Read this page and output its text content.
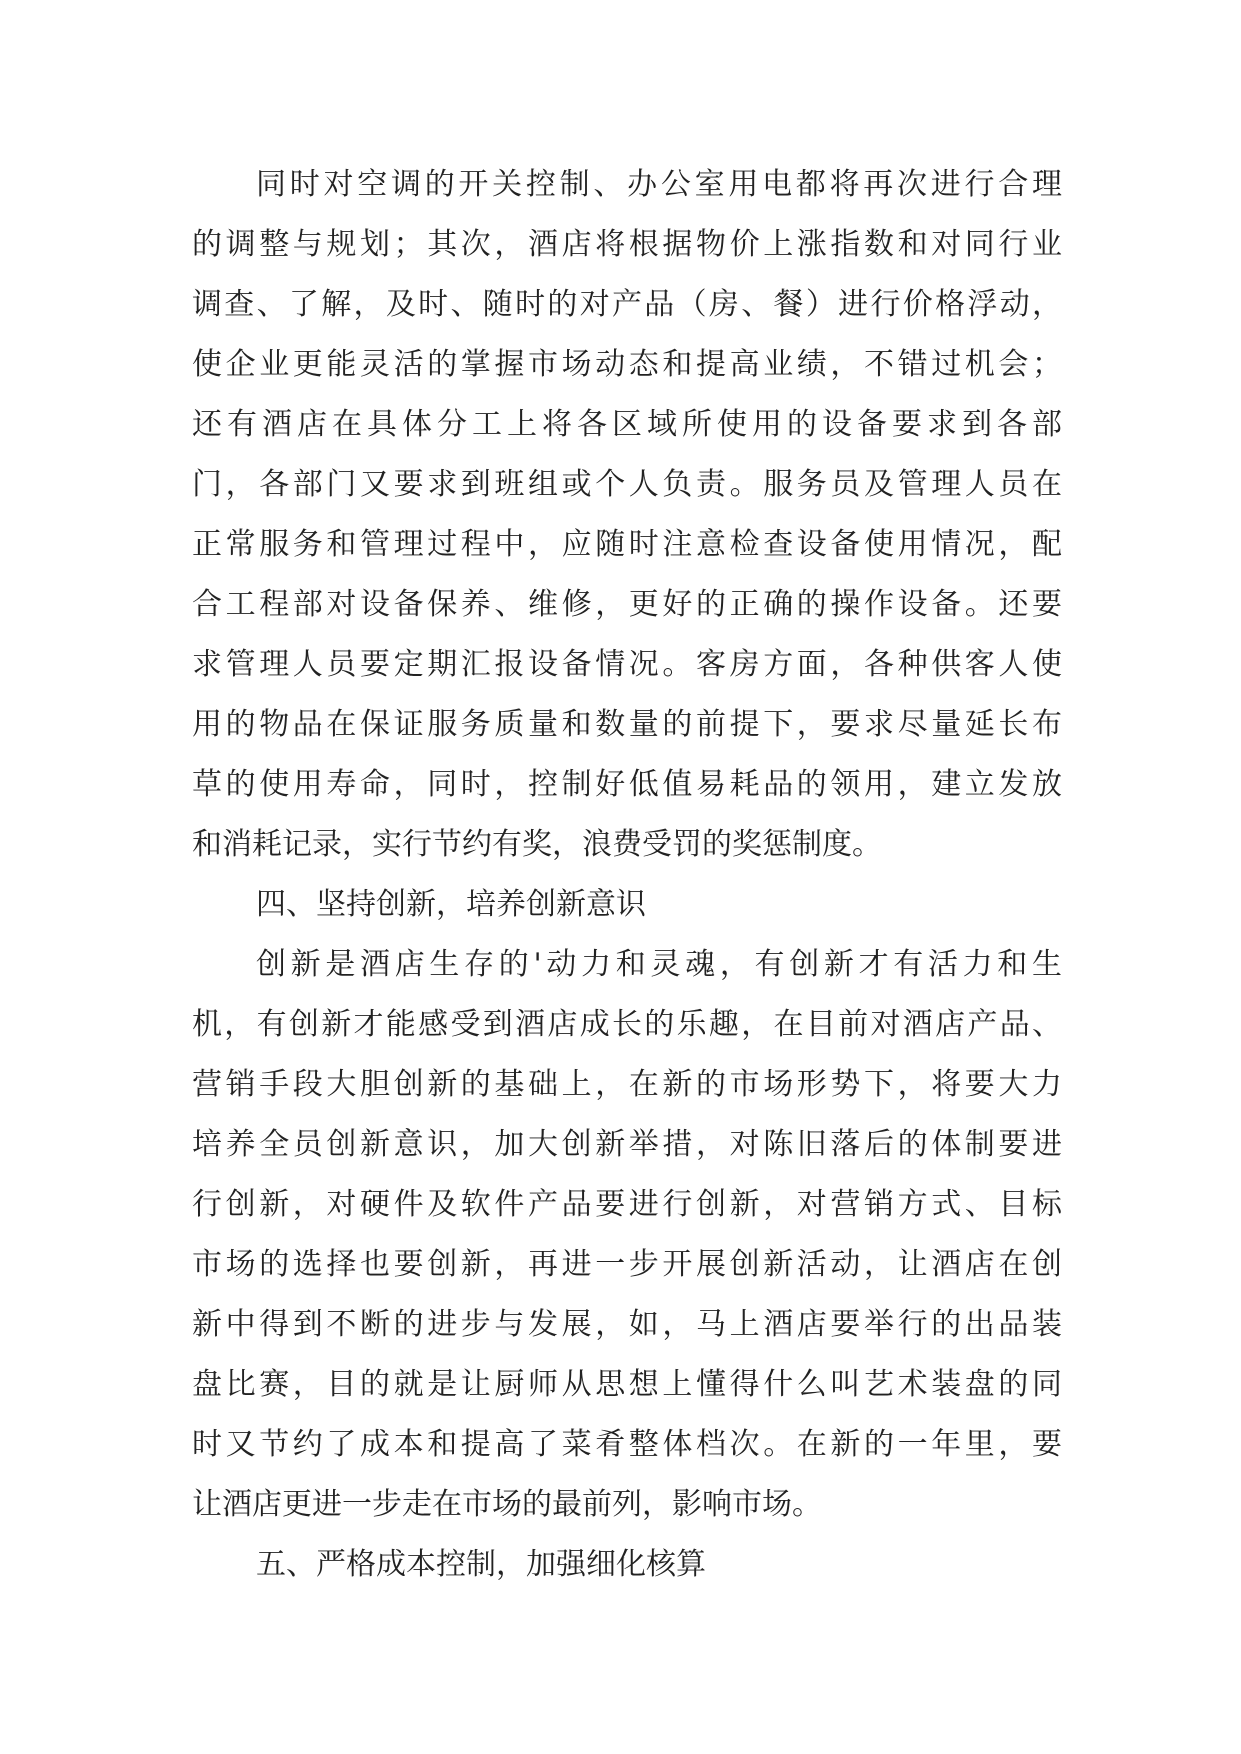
同时对空调的开关控制、办公室用电都将再次进行合理
的调整与规划；其次，酒店将根据物价上涨指数和对同行业
调查、了解，及时、随时的对产品（房、餐）进行价格浮动，
使企业更能灵活的掌握市场动态和提高业绩，不错过机会；
还有酒店在具体分工上将各区域所使用的设备要求到各部
门，各部门又要求到班组或个人负责。服务员及管理人员在
正常服务和管理过程中，应随时注意检查设备使用情况，配
合工程部对设备保养、维修，更好的正确的操作设备。还要
求管理人员要定期汇报设备情况。客房方面，各种供客人使
用的物品在保证服务质量和数量的前提下，要求尽量延长布
草的使用寿命，同时，控制好低值易耗品的领用，建立发放
和消耗记录，实行节约有奖，浪费受罚的奖惩制度。
四、坚持创新，培养创新意识
创新是酒店生存的'动力和灵魂，有创新才有活力和生
机，有创新才能感受到酒店成长的乐趣，在目前对酒店产品、
营销手段大胆创新的基础上，在新的市场形势下，将要大力
培养全员创新意识，加大创新举措，对陈旧落后的体制要进
行创新，对硬件及软件产品要进行创新，对营销方式、目标
市场的选择也要创新，再进一步开展创新活动，让酒店在创
新中得到不断的进步与发展，如，马上酒店要举行的出品装
盘比赛，目的就是让厨师从思想上懂得什么叫艺术装盘的同
时又节约了成本和提高了菜肴整体档次。在新的一年里，要
让酒店更进一步走在市场的最前列，影响市场。
五、严格成本控制，加强细化核算
